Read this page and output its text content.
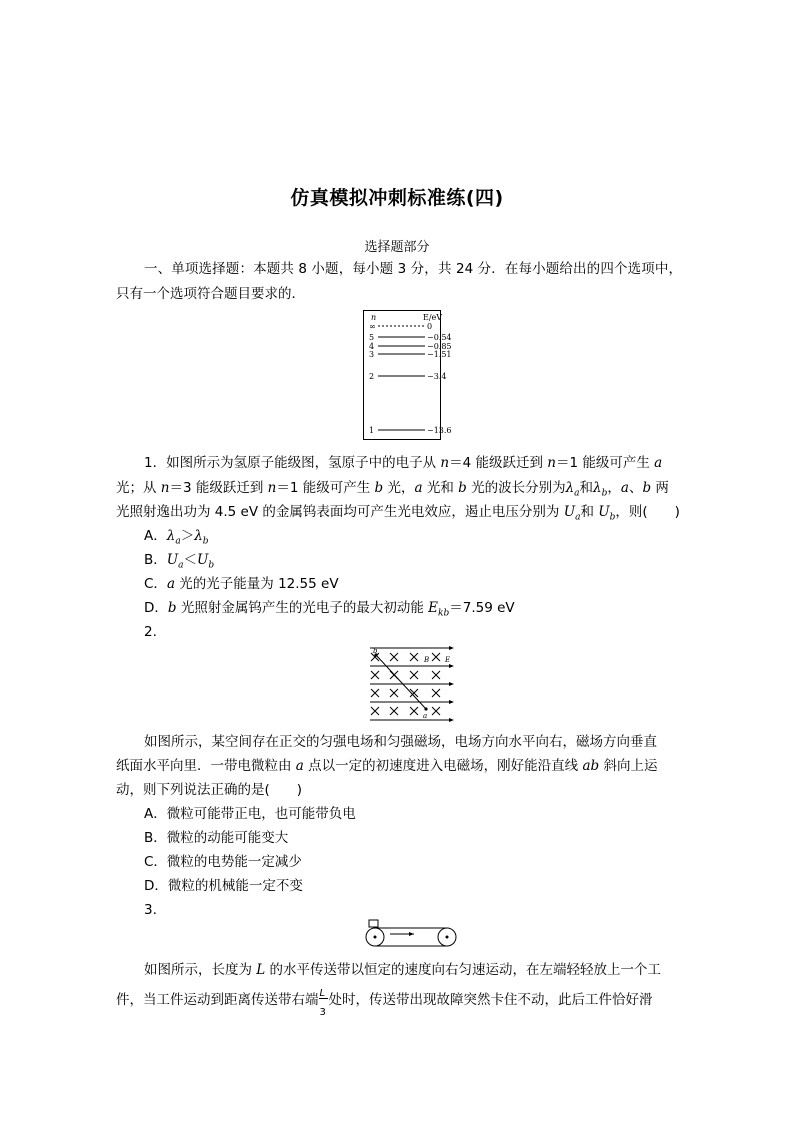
仿真模拟冲刺标准练(四)
选择题部分
一、单项选择题：本题共 8 小题，每小题 3 分，共 24 分．在每小题给出的四个选项中，只有一个选项符合题目要求的．
n	E/eV
∞	0
5	−0.54
4	−0.85
3	−1.51
2	−3.4
1	−13.6
1．如图所示为氢原子能级图，氢原子中的电子从 n＝4 能级跃迁到 n＝1 能级可产生 a
光；从 n＝3 能级跃迁到 n＝1 能级可产生 b 光，a 光和 b 光的波长分别为$\lambda_a$和$\lambda_b$，a、b 两
光照射逸出功为 4.5 eV 的金属钨表面均可产生光电效应，遏止电压分别为 $U_a$和 $U_b$，则(　　)
A．$\lambda_a>\lambda_b$
B．$U_a<U_b$
C．a 光的光子能量为 12.55 eV
D．b 光照射金属钨产生的光电子的最大初动能 $E_{kb}=7.59$ eV
2.
b
a
B E
如图所示，某空间存在正交的匀强电场和匀强磁场，电场方向水平向右，磁场方向垂直
纸面水平向里．一带电微粒由 a 点以一定的初速度进入电磁场，刚好能沿直线 ab 斜向上运
动，则下列说法正确的是(　　)
A．微粒可能带正电，也可能带负电
B．微粒的动能可能变大
C．微粒的电势能一定减少
D．微粒的机械能一定不变
3.
如图所示，长度为 L 的水平传送带以恒定的速度向右匀速运动，在左端轻轻放上一个工
件，当工件运动到距离传送带右端 $\frac{L}{3}$ 处时，传送带出现故障突然卡住不动，此后工件恰好滑
